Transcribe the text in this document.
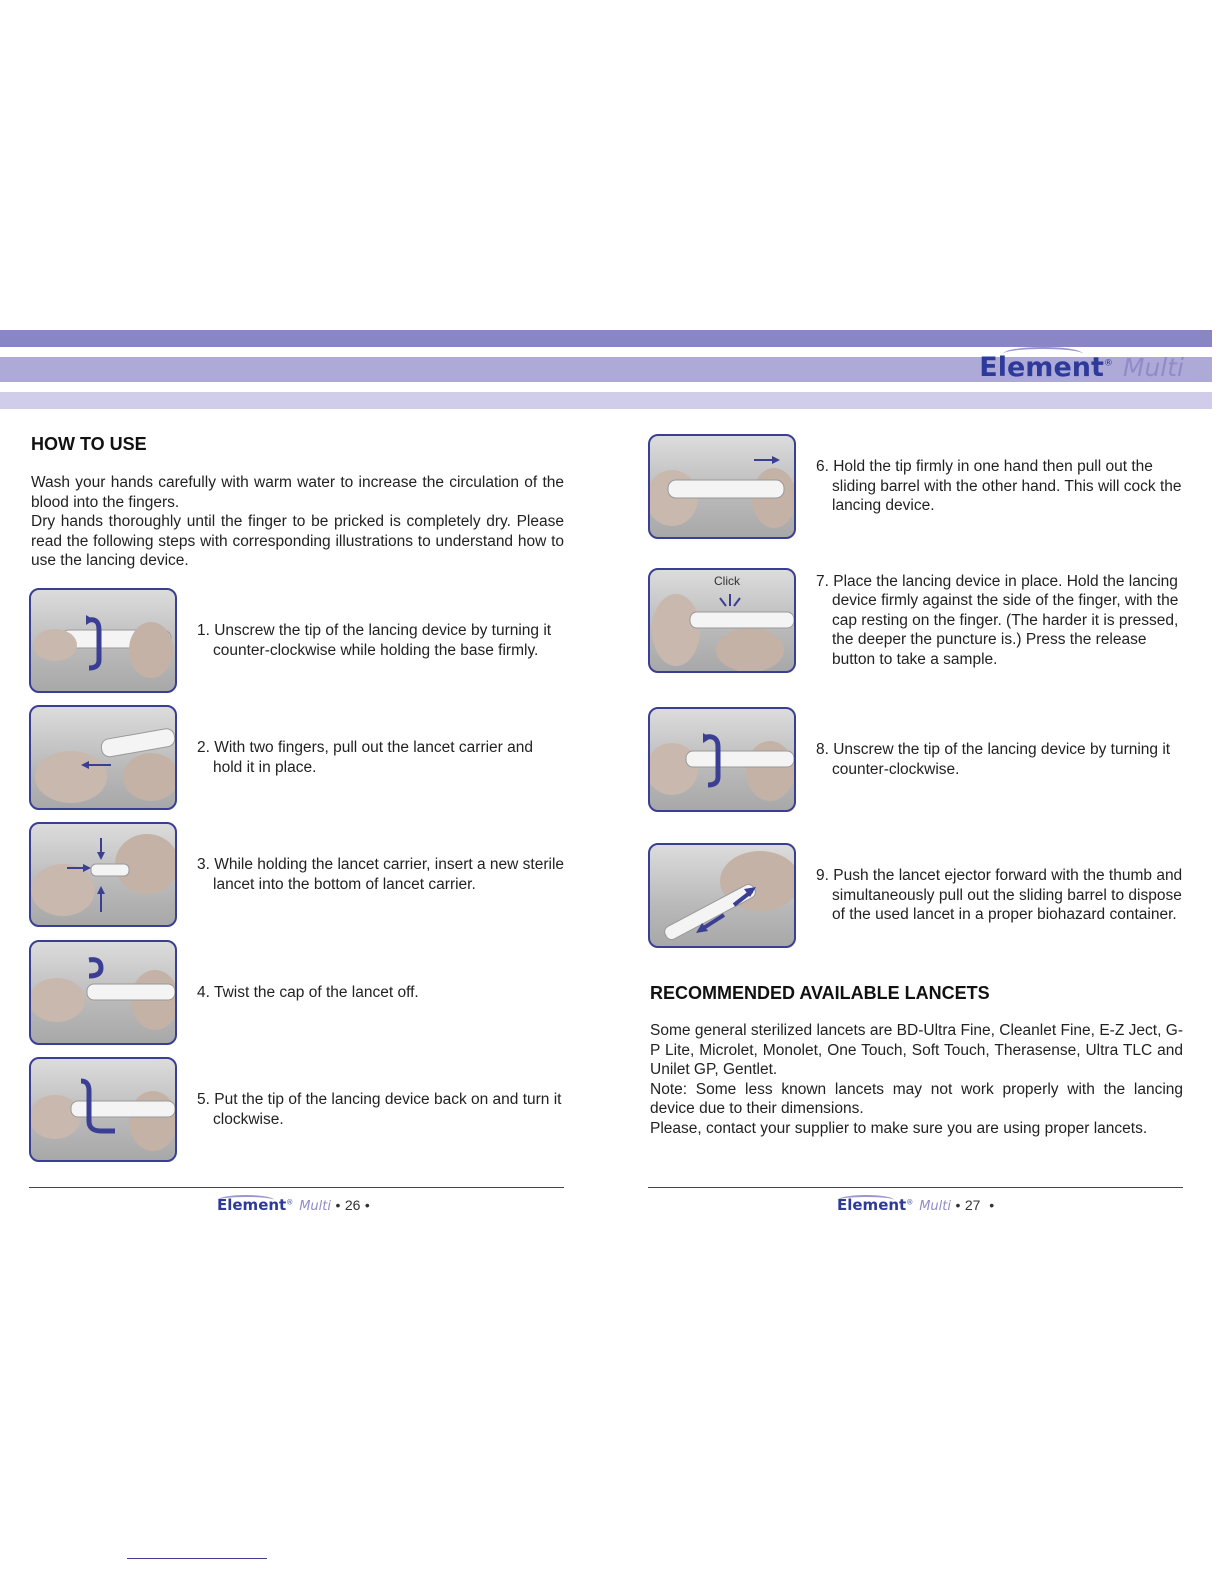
Element® Multi
HOW TO USE

Wash your hands carefully with warm water to increase the circulation of the blood into the fingers.

Dry hands thoroughly until the finger to be pricked is completely dry. Please read the following steps with corresponding illustrations to understand how to use the lancing device.

1. Unscrew the tip of the lancing device by turning it counter-clockwise while holding the base firmly.
2. With two fingers, pull out the lancet carrier and hold it in place.
3. While holding the lancet carrier, insert a new sterile lancet into the bottom of lancet carrier.
4. Twist the cap of the lancet off.
5. Put the tip of the lancing device back on and turn it clockwise.
Element® Multi • 26 •
6. Hold the tip firmly in one hand then pull out the sliding barrel with the other hand. This will cock the lancing device.
Click	7. Place the lancing device in place. Hold the lancing device firmly against the side of the finger, with the cap resting on the finger. (The harder it is pressed, the deeper the puncture is.) Press the release button to take a sample.
8. Unscrew the tip of the lancing device by turning it counter-clockwise.
9. Push the lancet ejector forward with the thumb and simultaneously pull out the sliding barrel to dispose of the used lancet in a proper biohazard container.
RECOMMENDED AVAILABLE LANCETS

Some general sterilized lancets are BD-Ultra Fine, Cleanlet Fine, E-Z Ject, G-P Lite, Microlet, Monolet, One Touch, Soft Touch, Therasense, Ultra TLC and Unilet GP, Gentlet.

Note: Some less known lancets may not work properly with the lancing device due to their dimensions.

Please, contact your supplier to make sure you are using proper lancets.

Element® Multi • 27 •
